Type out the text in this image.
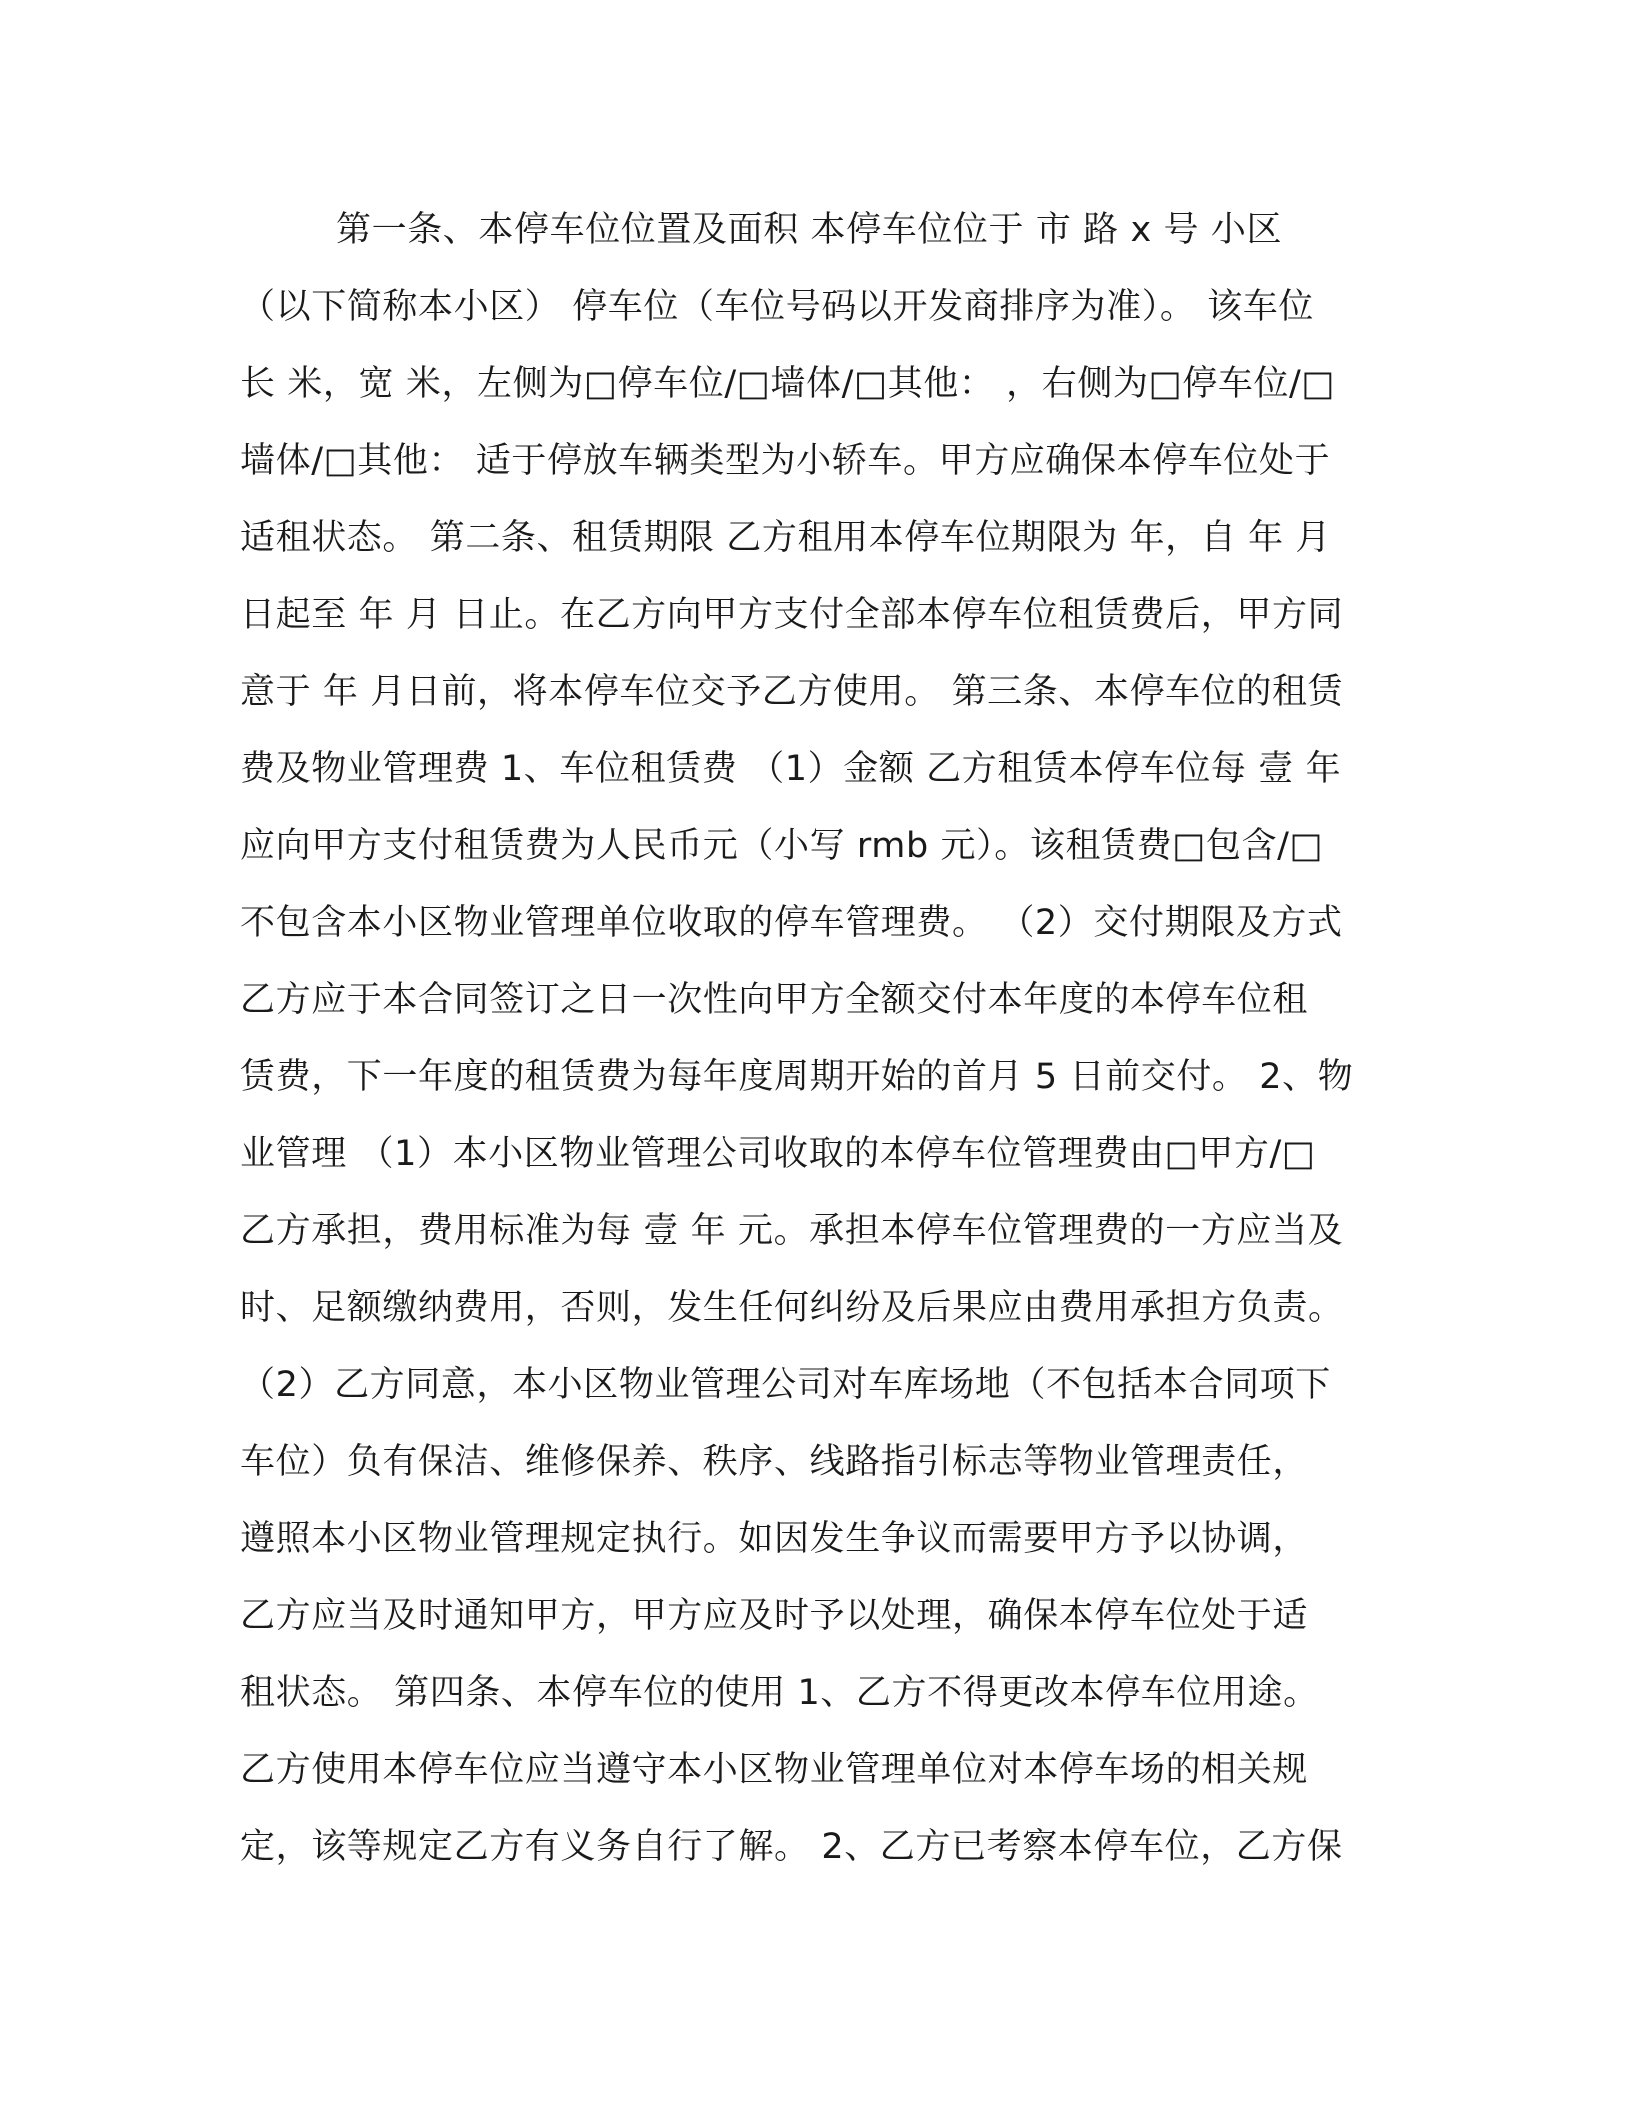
第一条、本停车位位置及面积 本停车位位于 市 路 x 号 小区
（以下简称本小区） 停车位（车位号码以开发商排序为准）。 该车位
长 米，宽 米，左侧为□停车位/□墙体/□其他： ，右侧为□停车位/□
墙体/□其他： 适于停放车辆类型为小轿车。甲方应确保本停车位处于
适租状态。 第二条、租赁期限 乙方租用本停车位期限为 年，自 年 月
日起至 年 月 日止。在乙方向甲方支付全部本停车位租赁费后，甲方同
意于 年 月日前，将本停车位交予乙方使用。 第三条、本停车位的租赁
费及物业管理费 1、车位租赁费 （1）金额 乙方租赁本停车位每 壹 年
应向甲方支付租赁费为人民币元（小写 rmb 元）。该租赁费□包含/□
不包含本小区物业管理单位收取的停车管理费。 （2）交付期限及方式
乙方应于本合同签订之日一次性向甲方全额交付本年度的本停车位租
赁费，下一年度的租赁费为每年度周期开始的首月 5 日前交付。 2、物
业管理 （1）本小区物业管理公司收取的本停车位管理费由□甲方/□
乙方承担，费用标准为每 壹 年 元。承担本停车位管理费的一方应当及
时、足额缴纳费用，否则，发生任何纠纷及后果应由费用承担方负责。
（2）乙方同意，本小区物业管理公司对车库场地（不包括本合同项下
车位）负有保洁、维修保养、秩序、线路指引标志等物业管理责任，
遵照本小区物业管理规定执行。如因发生争议而需要甲方予以协调，
乙方应当及时通知甲方，甲方应及时予以处理，确保本停车位处于适
租状态。 第四条、本停车位的使用 1、乙方不得更改本停车位用途。
乙方使用本停车位应当遵守本小区物业管理单位对本停车场的相关规
定，该等规定乙方有义务自行了解。 2、乙方已考察本停车位，乙方保
